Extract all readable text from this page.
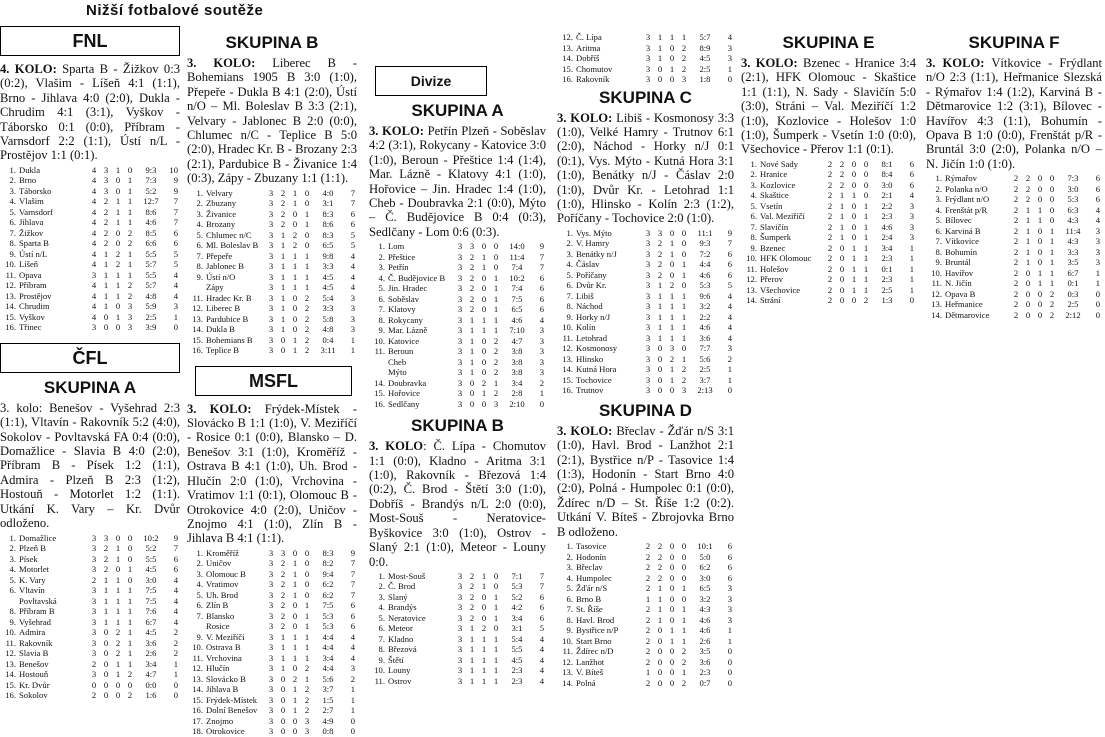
Nižší fotbalové soutěže
FNL
4. KOLO: Sparta B - Žižkov 0:3 (0:2), Vlašim - Líšeň 4:1 (1:1), Brno - Jihlava 4:0 (2:0), Dukla - Chrudim 4:1 (3:1), Vyškov - Táborsko 0:1 (0:0), Příbram - Varnsdorf 2:2 (1:1), Ústí n/L - Prostějov 1:1 (0:1).
1.	Dukla	4	3	1	0	9:3	10
2.	Brno	4	3	0	1	7:3	9
3.	Táborsko	4	3	0	1	5:2	9
4.	Vlašim	4	2	1	1	12:7	7
5.	Varnsdorf	4	2	1	1	8:6	7
6.	Jihlava	4	2	1	1	4:6	7
7.	Žižkov	4	2	0	2	8:5	6
8.	Sparta B	4	2	0	2	6:6	6
9.	Ústí n/L	4	1	2	1	5:5	5
10.	Líšeň	4	1	2	1	5:7	5
11.	Opava	3	1	1	1	5:5	4
12.	Příbram	4	1	1	2	5:7	4
13.	Prostějov	4	1	1	2	4:8	4
14.	Chrudim	4	1	0	3	5:9	3
15.	Vyškov	4	0	1	3	2:5	1
16.	Třinec	3	0	0	3	3:9	0
ČFL
SKUPINA A
3. kolo: Benešov - Vyšehrad 2:3 (1:1), Vltavín - Rakovník 5:2 (4:0), Sokolov - Povltavská FA 0:4 (0:0), Domažlice - Slavia B 4:0 (2:0), Příbram B - Písek 1:2 (1:1), Admira - Plzeň B 2:3 (1:2), Hostouň - Motorlet 1:2 (1:1). Utkání K. Vary – Kr. Dvůr odloženo.
1.	Domažlice	3	3	0	0	10:2	9
2.	Plzeň B	3	2	1	0	5:2	7
3.	Písek	3	2	1	0	5:5	6
4.	Motorlet	3	2	0	1	4:5	6
5.	K. Vary	2	1	1	0	3:0	4
6.	Vltavín	3	1	1	1	7:5	4
	Povltavská	3	1	1	1	7:5	4
8.	Příbram B	3	1	1	1	7:6	4
9.	Vyšehrad	3	1	1	1	6:7	4
10.	Admira	3	0	2	1	4:5	2
11.	Rakovník	3	0	2	1	3:6	2
12.	Slavia B	3	0	2	1	2:6	2
13.	Benešov	2	0	1	1	3:4	1
14.	Hostouň	3	0	1	2	4:7	1
15.	Kr. Dvůr	0	0	0	0	0:0	0
16.	Sokolov	2	0	0	2	1:6	0
SKUPINA B
3. KOLO: Liberec B - Bohemians 1905 B 3:0 (1:0), Přepeře - Dukla B 4:1 (2:0), Ústí n/O – Ml. Boleslav B 3:3 (2:1), Velvary - Jablonec B 2:0 (0:0), Chlumec n/C - Teplice B 5:0 (2:0), Hradec Kr. B - Brozany 2:3 (2:1), Pardubice B - Živanice 1:4 (0:3), Zápy - Zbuzany 1:1 (1:1).
1.	Velvary	3	2	1	0	4:0	7
2.	Zbuzany	3	2	1	0	3:1	7
3.	Živanice	3	2	0	1	8:3	6
4.	Brozany	3	2	0	1	8:6	6
5.	Chlumec n/C	3	1	2	0	8:3	5
6.	Ml. Boleslav B	3	1	2	0	6:5	5
7.	Přepeře	3	1	1	1	9:8	4
8.	Jablonec B	3	1	1	1	3:3	4
9.	Ústí n/O	3	1	1	1	4:5	4
	Zápy	3	1	1	1	4:5	4
11.	Hradec Kr. B	3	1	0	2	5:4	3
12.	Liberec B	3	1	0	2	3:3	3
13.	Pardubice B	3	1	0	2	5:8	3
14.	Dukla B	3	1	0	2	4:8	3
15.	Bohemians B	3	0	1	2	0:4	1
16.	Teplice B	3	0	1	2	3:11	1
MSFL
3. KOLO: Frýdek-Místek - Slovácko B 1:1 (1:0), V. Meziříčí - Rosice 0:1 (0:0), Blansko – D. Benešov 3:1 (1:0), Kroměříž - Ostrava B 4:1 (1:0), Uh. Brod - Hlučín 2:0 (1:0), Vrchovina - Vratimov 1:1 (0:1), Olomouc B - Otrokovice 4:0 (2:0), Uničov - Znojmo 4:1 (1:0), Zlín B - Jihlava B 4:1 (1:1).
1.	Kroměříž	3	3	0	0	8:3	9
2.	Uničov	3	2	1	0	8:2	7
3.	Olomouc B	3	2	1	0	9:4	7
4.	Vratimov	3	2	1	0	6:2	7
5.	Uh. Brod	3	2	1	0	6:2	7
6.	Zlín B	3	2	0	1	7:5	6
7.	Blansko	3	2	0	1	5:3	6
	Rosice	3	2	0	1	5:3	6
9.	V. Meziříčí	3	1	1	1	4:4	4
10.	Ostrava B	3	1	1	1	4:4	4
11.	Vrchovina	3	1	1	1	3:4	4
12.	Hlučín	3	1	0	2	4:4	3
13.	Slovácko B	3	0	2	1	5:6	2
14.	Jihlava B	3	0	1	2	3:7	1
15.	Frýdek-Místek	3	0	1	2	1:5	1
16.	Dolní Benešov	3	0	1	2	2:7	1
17.	Znojmo	3	0	0	3	4:9	0
18.	Otrokovice	3	0	0	3	0:8	0
Divize
SKUPINA A
3. KOLO: Petřín Plzeň - Soběslav 4:2 (3:1), Rokycany - Katovice 3:0 (1:0), Beroun - Přeštice 1:4 (1:4), Mar. Lázně - Klatovy 4:1 (1:0), Hořovice – Jin. Hradec 1:4 (1:0), Cheb - Doubravka 2:1 (0:0), Mýto – Č. Budějovice B 0:4 (0:3), Sedlčany - Lom 0:6 (0:3).
1.	Lom	3	3	0	0	14:0	9
2.	Přeštice	3	2	1	0	11:4	7
3.	Petřín	3	2	1	0	7:4	7
4.	Č. Budějovice B	3	2	0	1	10:2	6
5.	Jin. Hradec	3	2	0	1	7:4	6
6.	Soběslav	3	2	0	1	7:5	6
7.	Klatovy	3	2	0	1	6:5	6
8.	Rokycany	3	1	1	1	4:6	4
9.	Mar. Lázně	3	1	1	1	7:10	3
10.	Katovice	3	1	0	2	4:7	3
11.	Beroun	3	1	0	2	3:8	3
	Cheb	3	1	0	2	3:8	3
	Mýto	3	1	0	2	3:8	3
14.	Doubravka	3	0	2	1	3:4	2
15.	Hořovice	3	0	1	2	2:8	1
16.	Sedlčany	3	0	0	3	2:10	0
SKUPINA B
3. KOLO: Č. Lípa - Chomutov 1:1 (0:0), Kladno - Aritma 3:1 (1:0), Rakovník - Březová 1:4 (0:2), Č. Brod - Štětí 3:0 (1:0), Dobříš - Brandýs n/L 2:0 (0:0), Most-Souš - Neratovice-Byškovice 3:0 (1:0), Ostrov - Slaný 2:1 (1:0), Meteor - Louny 0:0.
1.	Most-Souš	3	2	1	0	7:1	7
2.	Č. Brod	3	2	1	0	5:3	7
3.	Slaný	3	2	0	1	5:2	6
4.	Brandýs	3	2	0	1	4:2	6
5.	Neratovice	3	2	0	1	3:4	6
6.	Meteor	3	1	2	0	3:1	5
7.	Kladno	3	1	1	1	5:4	4
8.	Březová	3	1	1	1	5:5	4
9.	Štětí	3	1	1	1	4:5	4
10.	Louny	3	1	1	1	2:3	4
11.	Ostrov	3	1	1	1	2:3	4
12.	Č. Lípa	3	1	1	1	5:7	4
13.	Aritma	3	1	0	2	8:9	3
14.	Dobříš	3	1	0	2	4:5	3
15.	Chomutov	3	0	1	2	2:5	1
16.	Rakovník	3	0	0	3	1:8	0
SKUPINA C
3. KOLO: Libiš - Kosmonosy 3:3 (1:0), Velké Hamry - Trutnov 6:1 (2:0), Náchod - Horky n/J 0:1 (0:1), Vys. Mýto - Kutná Hora 3:1 (1:0), Benátky n/J - Čáslav 2:0 (1:0), Dvůr Kr. - Letohrad 1:1 (1:0), Hlinsko - Kolín 2:3 (1:2), Poříčany - Tochovice 2:0 (1:0).
1.	Vys. Mýto	3	3	0	0	11:1	9
2.	V. Hamry	3	2	1	0	9:3	7
3.	Benátky n/J	3	2	1	0	7:2	6
4.	Čáslav	3	2	0	1	4:4	6
5.	Poříčany	3	2	0	1	4:6	6
6.	Dvůr Kr.	3	1	2	0	5:3	5
7.	Libiš	3	1	1	1	9:6	4
8.	Náchod	3	1	1	1	3:2	4
9.	Horky n/J	3	1	1	1	2:2	4
10.	Kolín	3	1	1	1	4:6	4
11.	Letohrad	3	1	1	1	3:6	4
12.	Kosmonosy	3	0	3	0	7:7	3
13.	Hlinsko	3	0	2	1	5:6	2
14.	Kutná Hora	3	0	1	2	2:5	1
15.	Tochovice	3	0	1	2	3:7	1
16.	Trutnov	3	0	0	3	2:13	0
SKUPINA D
3. KOLO: Břeclav - Žďár n/S 3:1 (1:0), Havl. Brod - Lanžhot 2:1 (2:1), Bystřice n/P - Tasovice 1:4 (1:3), Hodonín - Start Brno 4:0 (2:0), Polná - Humpolec 0:1 (0:0), Ždírec n/D – St. Říše 1:2 (0:2). Utkání V. Bíteš - Zbrojovka Brno B odloženo.
1.	Tasovice	2	2	0	0	10:1	6
2.	Hodonín	2	2	0	0	5:0	6
3.	Břeclav	2	2	0	0	6:2	6
4.	Humpolec	2	2	0	0	3:0	6
5.	Žďár n/S	2	1	0	1	6:5	3
6.	Brno B	1	1	0	0	3:2	3
7.	St. Říše	2	1	0	1	4:3	3
8.	Havl. Brod	2	1	0	1	4:6	3
9.	Bystřice n/P	2	0	1	1	4:6	1
10.	Start Brno	2	0	1	1	2:6	1
11.	Ždírec n/D	2	0	0	2	3:5	0
12.	Lanžhot	2	0	0	2	3:6	0
13.	V. Bíteš	1	0	0	1	2:3	0
14.	Polná	2	0	0	2	0:7	0
SKUPINA E
3. KOLO: Bzenec - Hranice 3:4 (2:1), HFK Olomouc - Skaštice 1:1 (1:1), N. Sady - Slavičín 5:0 (3:0), Stráni – Val. Meziříčí 1:2 (1:0), Kozlovice - Holešov 1:0 (1:0), Šumperk - Vsetín 1:0 (0:0), Všechovice - Přerov 1:1 (0:1).
1.	Nové Sady	2	2	0	0	8:1	6
2.	Hranice	2	2	0	0	8:4	6
3.	Kozlovice	2	2	0	0	3:0	6
4.	Skaštice	2	1	1	0	2:1	4
5.	Vsetín	2	1	0	1	2:2	3
6.	Val. Meziříčí	2	1	0	1	2:3	3
7.	Slavičín	2	1	0	1	4:6	3
8.	Šumperk	2	1	0	1	2:4	3
9.	Bzenec	2	0	1	1	3:4	1
10.	HFK Olomouc	2	0	1	1	2:3	1
11.	Holešov	2	0	1	1	0:1	1
12.	Přerov	2	0	1	1	2:3	1
13.	Všechovice	2	0	1	1	2:5	1
14.	Strání	2	0	0	2	1:3	0
SKUPINA F
3. KOLO: Vítkovice - Frýdlant n/O 2:3 (1:1), Heřmanice Slezská - Rýmařov 1:4 (1:2), Karviná B - Dětmarovice 1:2 (3:1), Bílovec - Havířov 4:3 (1:1), Bohumín - Opava B 1:0 (0:0), Frenštát p/R - Bruntál 3:0 (2:0), Polanka n/O – N. Jičín 1:0 (1:0).
1.	Rýmařov	2	2	0	0	7:3	6
2.	Polanka n/O	2	2	0	0	3:0	6
3.	Frýdlant n/O	2	2	0	0	5:3	6
4.	Frenštát p/R	2	1	1	0	6:3	4
5.	Bílovec	2	1	1	0	4:3	4
6.	Karviná B	2	1	0	1	11:4	3
7.	Vítkovice	2	1	0	1	4:3	3
8.	Bohumín	2	1	0	1	3:3	3
9.	Bruntál	2	1	0	1	3:5	3
10.	Havířov	2	0	1	1	6:7	1
11.	N. Jičín	2	0	1	1	0:1	1
12.	Opava B	2	0	0	2	0:3	0
13.	Heřmanice	2	0	0	2	2:5	0
14.	Dětmarovice	2	0	0	2	2:12	0
